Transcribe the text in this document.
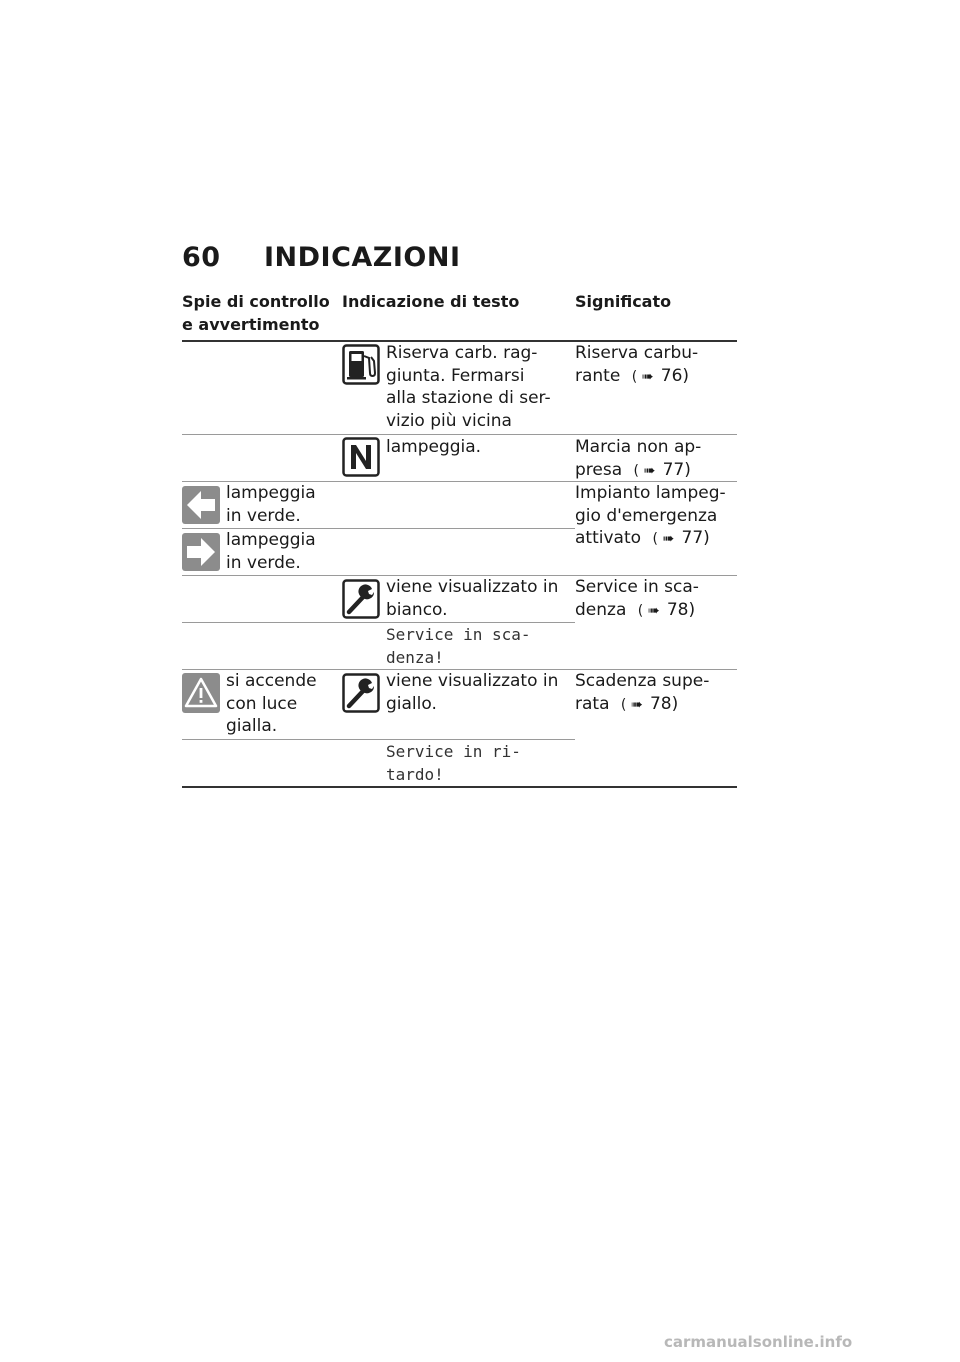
60 INDICAZIONI
Spie di controllo
e avvertimento
Indicazione di testo	Significato
Riserva carb. rag-
giunta. Fermarsi
alla stazione di ser-
vizio più vicina
Riserva carbu-
rante ( ➠ 76)
lampeggia.	Marcia non ap-
presa ( ➠ 77)
lampeggia
in verde.
lampeggia
in verde.
Impianto lampeg-
gio d'emergenza
attivato ( ➠ 77)
viene visualizzato in
bianco.
Service in sca-
denza!
Service in sca-
denza ( ➠ 78)
si accende
con luce
gialla.
viene visualizzato in
giallo.
Service in ri-
tardo!
Scadenza supe-
rata ( ➠ 78)
carmanualsonline.info
